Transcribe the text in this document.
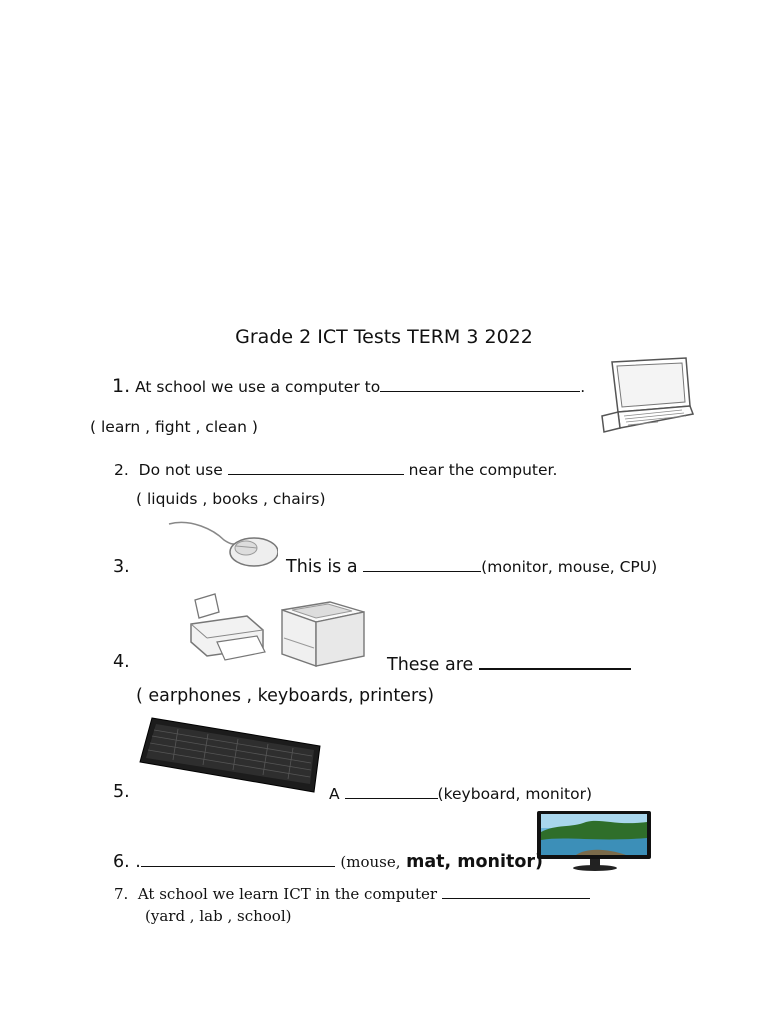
Grade 2 ICT Tests TERM 3 2022
1. At school we use a computer to	.
( learn , fight , clean )
2. Do not use	near the computer.
( liquids , books , chairs)
3.	This is a	(monitor, mouse, CPU)
4.	These are
( earphones , keyboards, printers)
5.	A	(keyboard, monitor)
6. .	(mouse, mat, monitor)
7. At school we learn ICT in the computer
(yard , lab , school)
